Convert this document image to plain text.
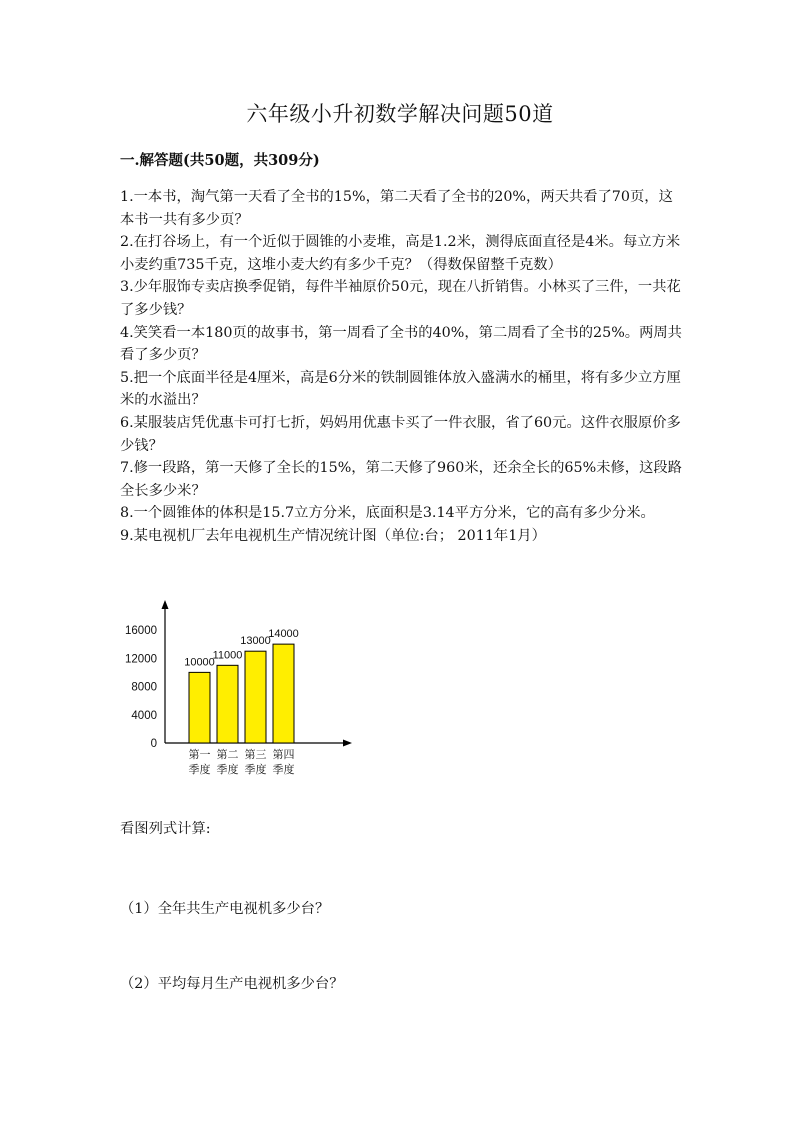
六年级小升初数学解决问题50道
一.解答题(共50题，共309分)

1.一本书，淘气第一天看了全书的15%，第二天看了全书的20%，两天共看了70页，这本书一共有多少页？

2.在打谷场上，有一个近似于圆锥的小麦堆，高是1.2米，测得底面直径是4米。每立方米小麦约重735千克，这堆小麦大约有多少千克？（得数保留整千克数）

3.少年服饰专卖店换季促销，每件半袖原价50元，现在八折销售。小林买了三件，一共花了多少钱？

4.笑笑看一本180页的故事书，第一周看了全书的40%，第二周看了全书的25%。两周共看了多少页？

5.把一个底面半径是4厘米，高是6分米的铁制圆锥体放入盛满水的桶里，将有多少立方厘米的水溢出？

6.某服装店凭优惠卡可打七折，妈妈用优惠卡买了一件衣服，省了60元。这件衣服原价多少钱？

7.修一段路，第一天修了全长的15%，第二天修了960米，还余全长的65%未修，这段路全长多少米？

8.一个圆锥体的体积是15.7立方分米，底面积是3.14平方分米，它的高有多少分米。

9.某电视机厂去年电视机生产情况统计图（单位:台； 2011年1月）

0
4000
8000
12000
16000
10000
第一
季度
11000
第二
季度
13000
第三
季度
14000
第四
季度
看图列式计算:
（1）全年共生产电视机多少台？
（2）平均每月生产电视机多少台？
